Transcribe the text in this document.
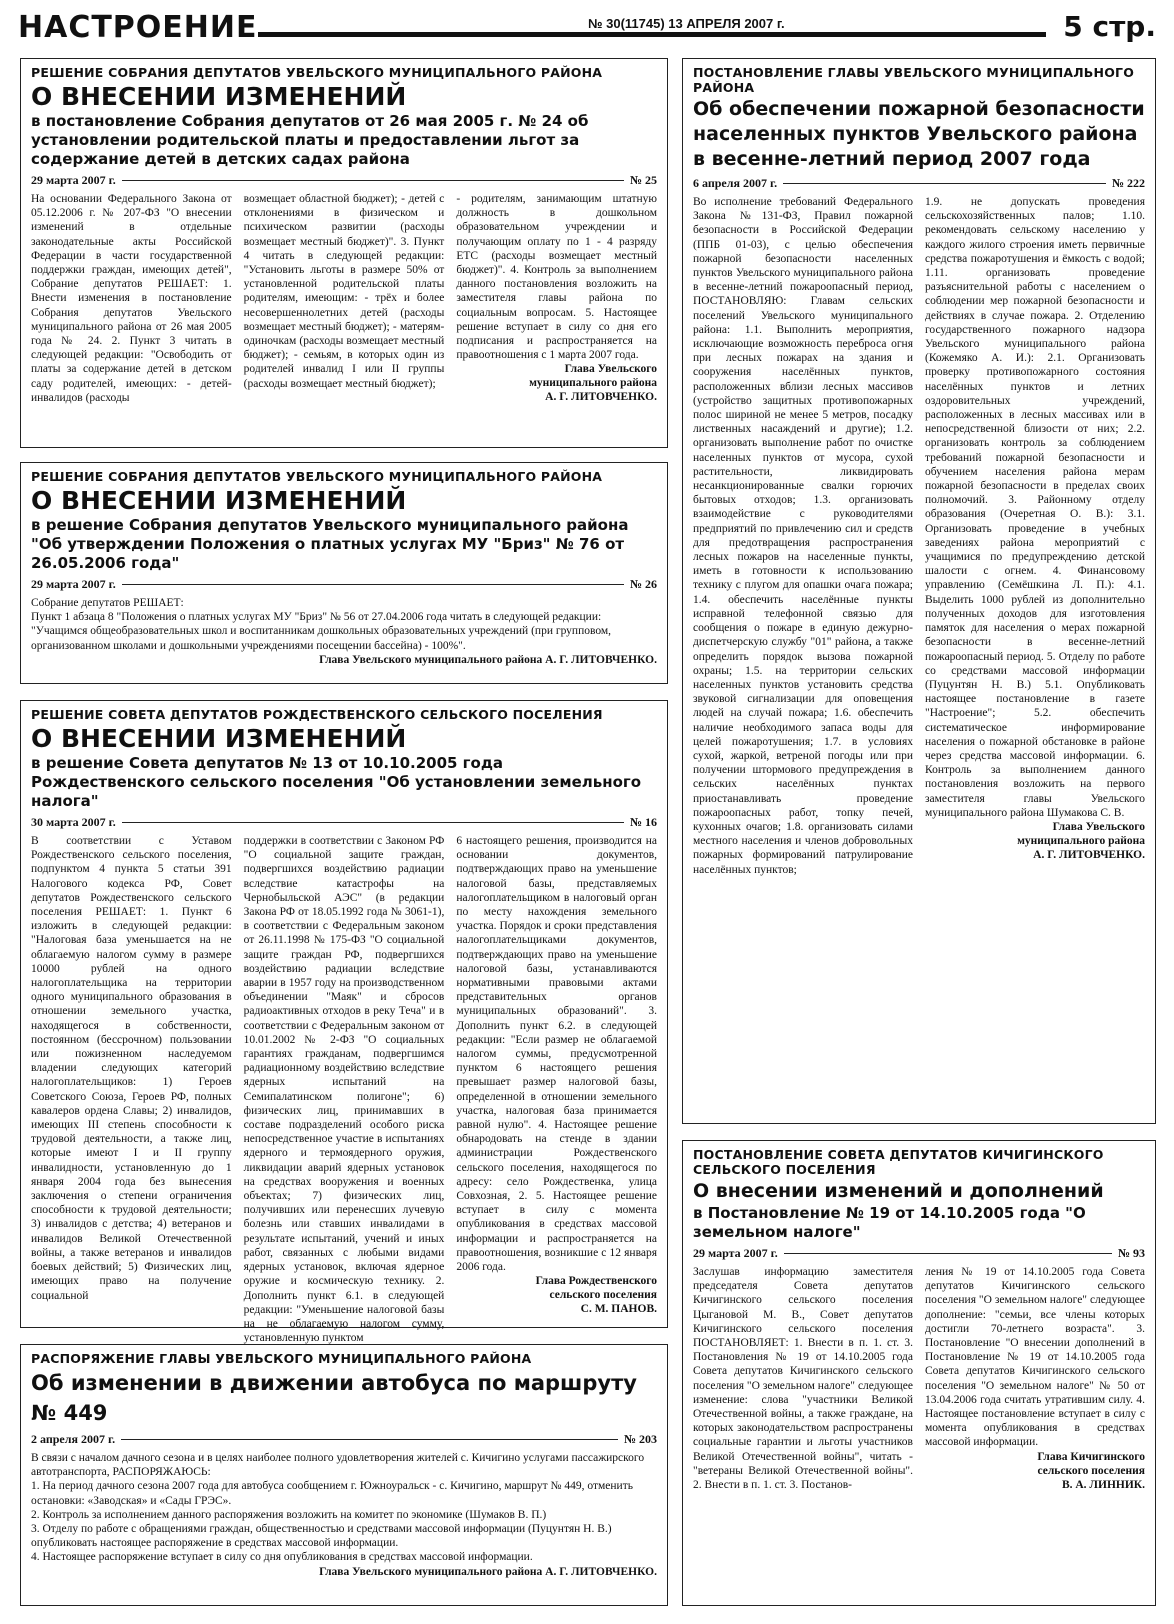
НАСТРОЕНИЕ	№ 30(11745) 13 АПРЕЛЯ 2007 г.	5 стр.
РЕШЕНИЕ СОБРАНИЯ ДЕПУТАТОВ УВЕЛЬСКОГО МУНИЦИПАЛЬНОГО РАЙОНА
О ВНЕСЕНИИ ИЗМЕНЕНИЙ
в постановление Собрания депутатов от 26 мая 2005 г. № 24 об установлении родительской платы и предоставлении льгот за содержание детей в детских садах района
29 марта 2007 г.	№ 25

На основании Федерального Закона от 05.12.2006 г. № 207-ФЗ "О внесении изменений в отдельные законодательные акты Российской Федерации в части государственной поддержки граждан, имеющих детей", Собрание депутатов РЕШАЕТ: 1. Внести изменения в постановление Собрания депутатов Увельского муниципального района от 26 мая 2005 года № 24. 2. Пункт 3 читать в следующей редакции: "Освободить от платы за содержание детей в детском саду родителей, имеющих: - детей-инвалидов (расходы

возмещает областной бюджет); - детей с отклонениями в физическом и психическом развитии (расходы возмещает местный бюджет)". 3. Пункт 4 читать в следующей редакции: "Установить льготы в размере 50% от установленной родительской платы родителям, имеющим: - трёх и более несовершеннолетних детей (расходы возмещает местный бюджет); - матерям-одиночкам (расходы возмещает местный бюджет); - семьям, в которых один из родителей инвалид I или II группы (расходы возмещает местный бюджет);

- родителям, занимающим штатную должность в дошкольном образовательном учреждении и получающим оплату по 1 - 4 разряду ЕТС (расходы возмещает местный бюджет)". 4. Контроль за выполнением данного постановления возложить на заместителя главы района по социальным вопросам. 5. Настоящее решение вступает в силу со дня его подписания и распространяется на правоотношения с 1 марта 2007 года.

Глава Увельского
муниципального района
А. Г. ЛИТОВЧЕНКО.
РЕШЕНИЕ СОБРАНИЯ ДЕПУТАТОВ УВЕЛЬСКОГО МУНИЦИПАЛЬНОГО РАЙОНА
О ВНЕСЕНИИ ИЗМЕНЕНИЙ
в решение Собрания депутатов Увельского муниципального района "Об утверждении Положения о платных услугах МУ "Бриз" № 76 от 26.05.2006 года"
29 марта 2007 г.	№ 26

Собрание депутатов РЕШАЕТ:

Пункт 1 абзаца 8 "Положения о платных услугах МУ "Бриз" № 56 от 27.04.2006 года читать в следующей редакции:

"Учащимся общеобразовательных школ и воспитанникам дошкольных образовательных учреждений (при групповом, организованном школами и дошкольными учреждениями посещении бассейна) - 100%".

Глава Увельского муниципального района А. Г. ЛИТОВЧЕНКО.
РЕШЕНИЕ СОВЕТА ДЕПУТАТОВ РОЖДЕСТВЕНСКОГО СЕЛЬСКОГО ПОСЕЛЕНИЯ
О ВНЕСЕНИИ ИЗМЕНЕНИЙ
в решение Совета депутатов № 13 от 10.10.2005 года Рождественского сельского поселения "Об установлении земельного налога"
30 марта 2007 г.	№ 16

В соответствии с Уставом Рождественского сельского поселения, подпунктом 4 пункта 5 статьи 391 Налогового кодекса РФ, Совет депутатов Рождественского сельского поселения РЕШАЕТ: 1. Пункт 6 изложить в следующей редакции: "Налоговая база уменьшается на не облагаемую налогом сумму в размере 10000 рублей на одного налогоплательщика на территории одного муниципального образования в отношении земельного участка, находящегося в собственности, постоянном (бессрочном) пользовании или пожизненном наследуемом владении следующих категорий налогоплательщиков: 1) Героев Советского Союза, Героев РФ, полных кавалеров ордена Славы; 2) инвалидов, имеющих III степень способности к трудовой деятельности, а также лиц, которые имеют I и II группу инвалидности, установленную до 1 января 2004 года без вынесения заключения о степени ограничения способности к трудовой деятельности; 3) инвалидов с детства; 4) ветеранов и инвалидов Великой Отечественной войны, а также ветеранов и инвалидов боевых действий; 5) Физических лиц, имеющих право на получение социальной

поддержки в соответствии с Законом РФ "О социальной защите граждан, подвергшихся воздействию радиации вследствие катастрофы на Чернобыльской АЭС" (в редакции Закона РФ от 18.05.1992 года № 3061-1), в соответствии с Федеральным законом от 26.11.1998 № 175-ФЗ "О социальной защите граждан РФ, подвергшихся воздействию радиации вследствие аварии в 1957 году на производственном объединении "Маяк" и сбросов радиоактивных отходов в реку Теча" и в соответствии с Федеральным законом от 10.01.2002 № 2-ФЗ "О социальных гарантиях гражданам, подвергшимся радиационному воздействию вследствие ядерных испытаний на Семипалатинском полигоне"; 6) физических лиц, принимавших в составе подразделений особого риска непосредственное участие в испытаниях ядерного и термоядерного оружия, ликвидации аварий ядерных установок на средствах вооружения и военных объектах; 7) физических лиц, получивших или перенесших лучевую болезнь или ставших инвалидами в результате испытаний, учений и иных работ, связанных с любыми видами ядерных установок, включая ядерное оружие и космическую технику. 2. Дополнить пункт 6.1. в следующей редакции: "Уменьшение налоговой базы на не облагаемую налогом сумму, установленную пунктом

6 настоящего решения, производится на основании документов, подтверждающих право на уменьшение налоговой базы, представляемых налогоплательщиком в налоговый орган по месту нахождения земельного участка. Порядок и сроки представления налогоплательщиками документов, подтверждающих право на уменьшение налоговой базы, устанавливаются нормативными правовыми актами представительных органов муниципальных образований". 3. Дополнить пункт 6.2. в следующей редакции: "Если размер не облагаемой налогом суммы, предусмотренной пунктом 6 настоящего решения превышает размер налоговой базы, определенной в отношении земельного участка, налоговая база принимается равной нулю". 4. Настоящее решение обнародовать на стенде в здании администрации Рождественского сельского поселения, находящегося по адресу: село Рождественка, улица Совхозная, 2. 5. Настоящее решение вступает в силу с момента опубликования в средствах массовой информации и распространяется на правоотношения, возникшие с 12 января 2006 года.

Глава Рождественского
сельского поселения
С. М. ПАНОВ.
РАСПОРЯЖЕНИЕ ГЛАВЫ УВЕЛЬСКОГО МУНИЦИПАЛЬНОГО РАЙОНА
Об изменении в движении автобуса по маршруту № 449
2 апреля 2007 г.	№ 203

В связи с началом дачного сезона и в целях наиболее полного удовлетворения жителей с. Кичигино услугами пассажирского автотранспорта, РАСПОРЯЖАЮСЬ:

1. На период дачного сезона 2007 года для автобуса сообщением г. Южноуральск - с. Кичигино, маршрут № 449, отменить остановки: «Заводская» и «Сады ГРЭС».

2. Контроль за исполнением данного распоряжения возложить на комитет по экономике (Шумаков В. П.)

3. Отделу по работе с обращениями граждан, общественностью и средствами массовой информации (Пуцунтян Н. В.) опубликовать настоящее распоряжение в средствах массовой информации.

4. Настоящее распоряжение вступает в силу со дня опубликования в средствах массовой информации.

Глава Увельского муниципального района А. Г. ЛИТОВЧЕНКО.
ПОСТАНОВЛЕНИЕ ГЛАВЫ УВЕЛЬСКОГО МУНИЦИПАЛЬНОГО РАЙОНА
Об обеспечении пожарной безопасности населенных пунктов Увельского района в весенне-летний период 2007 года
6 апреля 2007 г.	№ 222

Во исполнение требований Федерального Закона №131-ФЗ, Правил пожарной безопасности в Российской Федерации (ППБ 01-03), с целью обеспечения пожарной безопасности населенных пунктов Увельского муниципального района в весенне-летний пожароопасный период, ПОСТАНОВЛЯЮ: Главам сельских поселений Увельского муниципального района: 1.1. Выполнить мероприятия, исключающие возможность переброса огня при лесных пожарах на здания и сооружения населённых пунктов, расположенных вблизи лесных массивов (устройство защитных противопожарных полос шириной не менее 5 метров, посадку лиственных насаждений и другие); 1.2. организовать выполнение работ по очистке населенных пунктов от мусора, сухой растительности, ликвидировать несанкционированные свалки горючих бытовых отходов; 1.3. организовать взаимодействие с руководителями предприятий по привлечению сил и средств для предотвращения распространения лесных пожаров на населенные пункты, иметь в готовности к использованию технику с плугом для опашки очага пожара; 1.4. обеспечить населённые пункты исправной телефонной связью для сообщения о пожаре в единую дежурно-диспетчерскую службу "01" района, а также определить порядок вызова пожарной охраны; 1.5. на территории сельских населенных пунктов установить средства звуковой сигнализации для оповещения людей на случай пожара; 1.6. обеспечить наличие необходимого запаса воды для целей пожаротушения; 1.7. в условиях сухой, жаркой, ветреной погоды или при получении штормового предупреждения в сельских населённых пунктах приостанавливать проведение пожароопасных работ, топку печей, кухонных очагов; 1.8. организовать силами местного населения и членов добровольных пожарных формирований патрулирование населённых пунктов;

1.9. не допускать проведения сельскохозяйственных палов; 1.10. рекомендовать сельскому населению у каждого жилого строения иметь первичные средства пожаротушения и ёмкость с водой; 1.11. организовать проведение разъяснительной работы с населением о соблюдении мер пожарной безопасности и действиях в случае пожара. 2. Отделению государственного пожарного надзора Увельского муниципального района (Кожемяко А. И.): 2.1. Организовать проверку противопожарного состояния населённых пунктов и летних оздоровительных учреждений, расположенных в лесных массивах или в непосредственной близости от них; 2.2. организовать контроль за соблюдением требований пожарной безопасности и обучением населения района мерам пожарной безопасности в пределах своих полномочий. 3. Районному отделу образования (Очеретная О. В.): 3.1. Организовать проведение в учебных заведениях района мероприятий с учащимися по предупреждению детской шалости с огнем. 4. Финансовому управлению (Семёшкина Л. П.): 4.1. Выделить 1000 рублей из дополнительно полученных доходов для изготовления памяток для населения о мерах пожарной безопасности в весенне-летний пожароопасный период. 5. Отделу по работе со средствами массовой информации (Пуцунтян Н. В.) 5.1. Опубликовать настоящее постановление в газете "Настроение"; 5.2. обеспечить систематическое информирование населения о пожарной обстановке в районе через средства массовой информации. 6. Контроль за выполнением данного постановления возложить на первого заместителя главы Увельского муниципального района Шумакова С. В.

Глава Увельского
муниципального района
А. Г. ЛИТОВЧЕНКО.
ПОСТАНОВЛЕНИЕ СОВЕТА ДЕПУТАТОВ КИЧИГИНСКОГО СЕЛЬСКОГО ПОСЕЛЕНИЯ
О внесении изменений и дополнений
в Постановление № 19 от 14.10.2005 года "О земельном налоге"
29 марта 2007 г.	№ 93

Заслушав информацию заместителя председателя Совета депутатов Кичигинского сельского поселения Цыгановой М. В., Совет депутатов Кичигинского сельского поселения ПОСТАНОВЛЯЕТ: 1. Внести в п. 1. ст. 3. Постановления № 19 от 14.10.2005 года Совета депутатов Кичигинского сельского поселения "О земельном налоге" следующее изменение: слова "участники Великой Отечественной войны, а также граждане, на которых законодательством распространены социальные гарантии и льготы участников Великой Отечественной войны", читать - "ветераны Великой Отечественной войны". 2. Внести в п. 1. ст. 3. Постанов-

ления № 19 от 14.10.2005 года Совета депутатов Кичигинского сельского поселения "О земельном налоге" следующее дополнение: "семьи, все члены которых достигли 70-летнего возраста". 3. Постановление "О внесении дополнений в Постановление № 19 от 14.10.2005 года Совета депутатов Кичигинского сельского поселения "О земельном налоге" № 50 от 13.04.2006 года считать утратившим силу. 4. Настоящее постановление вступает в силу с момента опубликования в средствах массовой информации.

Глава Кичигинского
сельского поселения
В. А. ЛИННИК.
